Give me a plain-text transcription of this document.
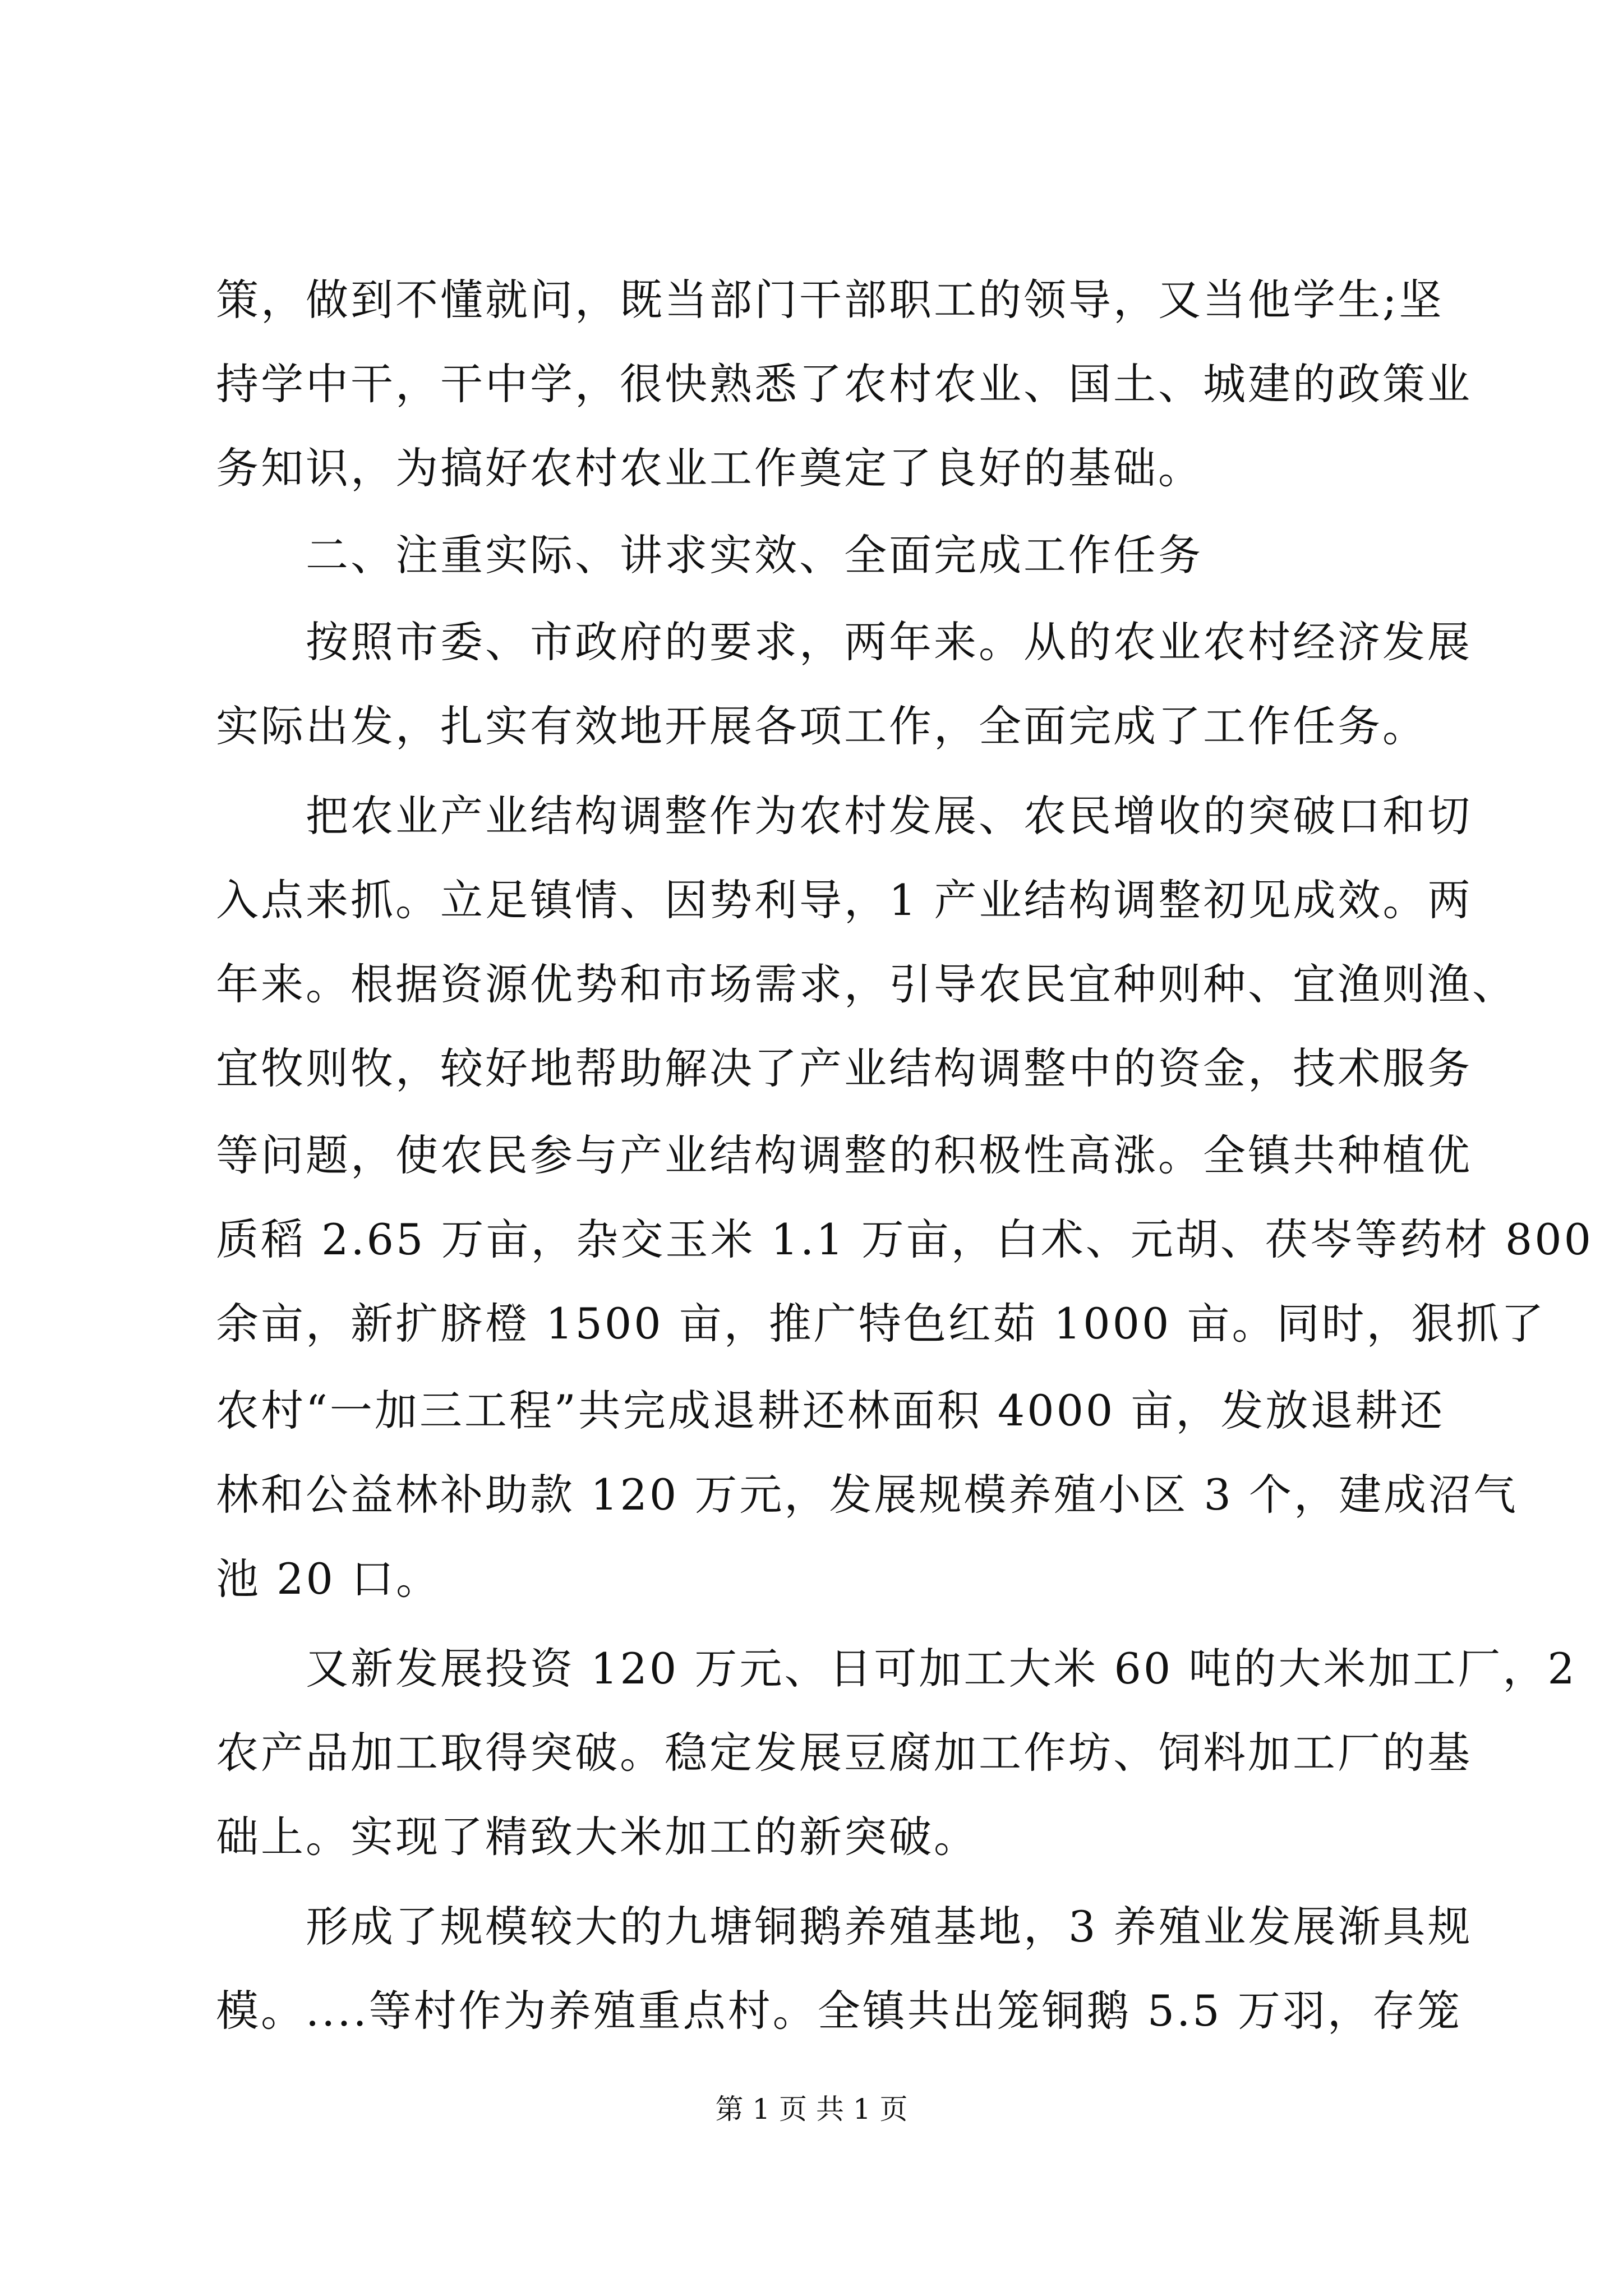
策，做到不懂就问，既当部门干部职工的领导，又当他学生;坚
持学中干，干中学，很快熟悉了农村农业、国土、城建的政策业
务知识，为搞好农村农业工作奠定了良好的基础。
　　二、注重实际、讲求实效、全面完成工作任务
　　按照市委、市政府的要求，两年来。从的农业农村经济发展
实际出发，扎实有效地开展各项工作，全面完成了工作任务。
　　把农业产业结构调整作为农村发展、农民增收的突破口和切
入点来抓。立足镇情、因势利导，1 产业结构调整初见成效。两
年来。根据资源优势和市场需求，引导农民宜种则种、宜渔则渔、
宜牧则牧，较好地帮助解决了产业结构调整中的资金，技术服务
等问题，使农民参与产业结构调整的积极性高涨。全镇共种植优
质稻 2.65 万亩，杂交玉米 1.1 万亩，白术、元胡、茯岑等药材 800
余亩，新扩脐橙 1500 亩，推广特色红茹 1000 亩。同时，狠抓了
农村“一加三工程”共完成退耕还林面积 4000 亩，发放退耕还
林和公益林补助款 120 万元，发展规模养殖小区 3 个，建成沼气
池 20 口。
　　又新发展投资 120 万元、日可加工大米 60 吨的大米加工厂，2
农产品加工取得突破。稳定发展豆腐加工作坊、饲料加工厂的基
础上。实现了精致大米加工的新突破。
　　形成了规模较大的九塘铜鹅养殖基地，3 养殖业发展渐具规
模。....等村作为养殖重点村。全镇共出笼铜鹅 5.5 万羽，存笼
第 1 页 共 1 页
